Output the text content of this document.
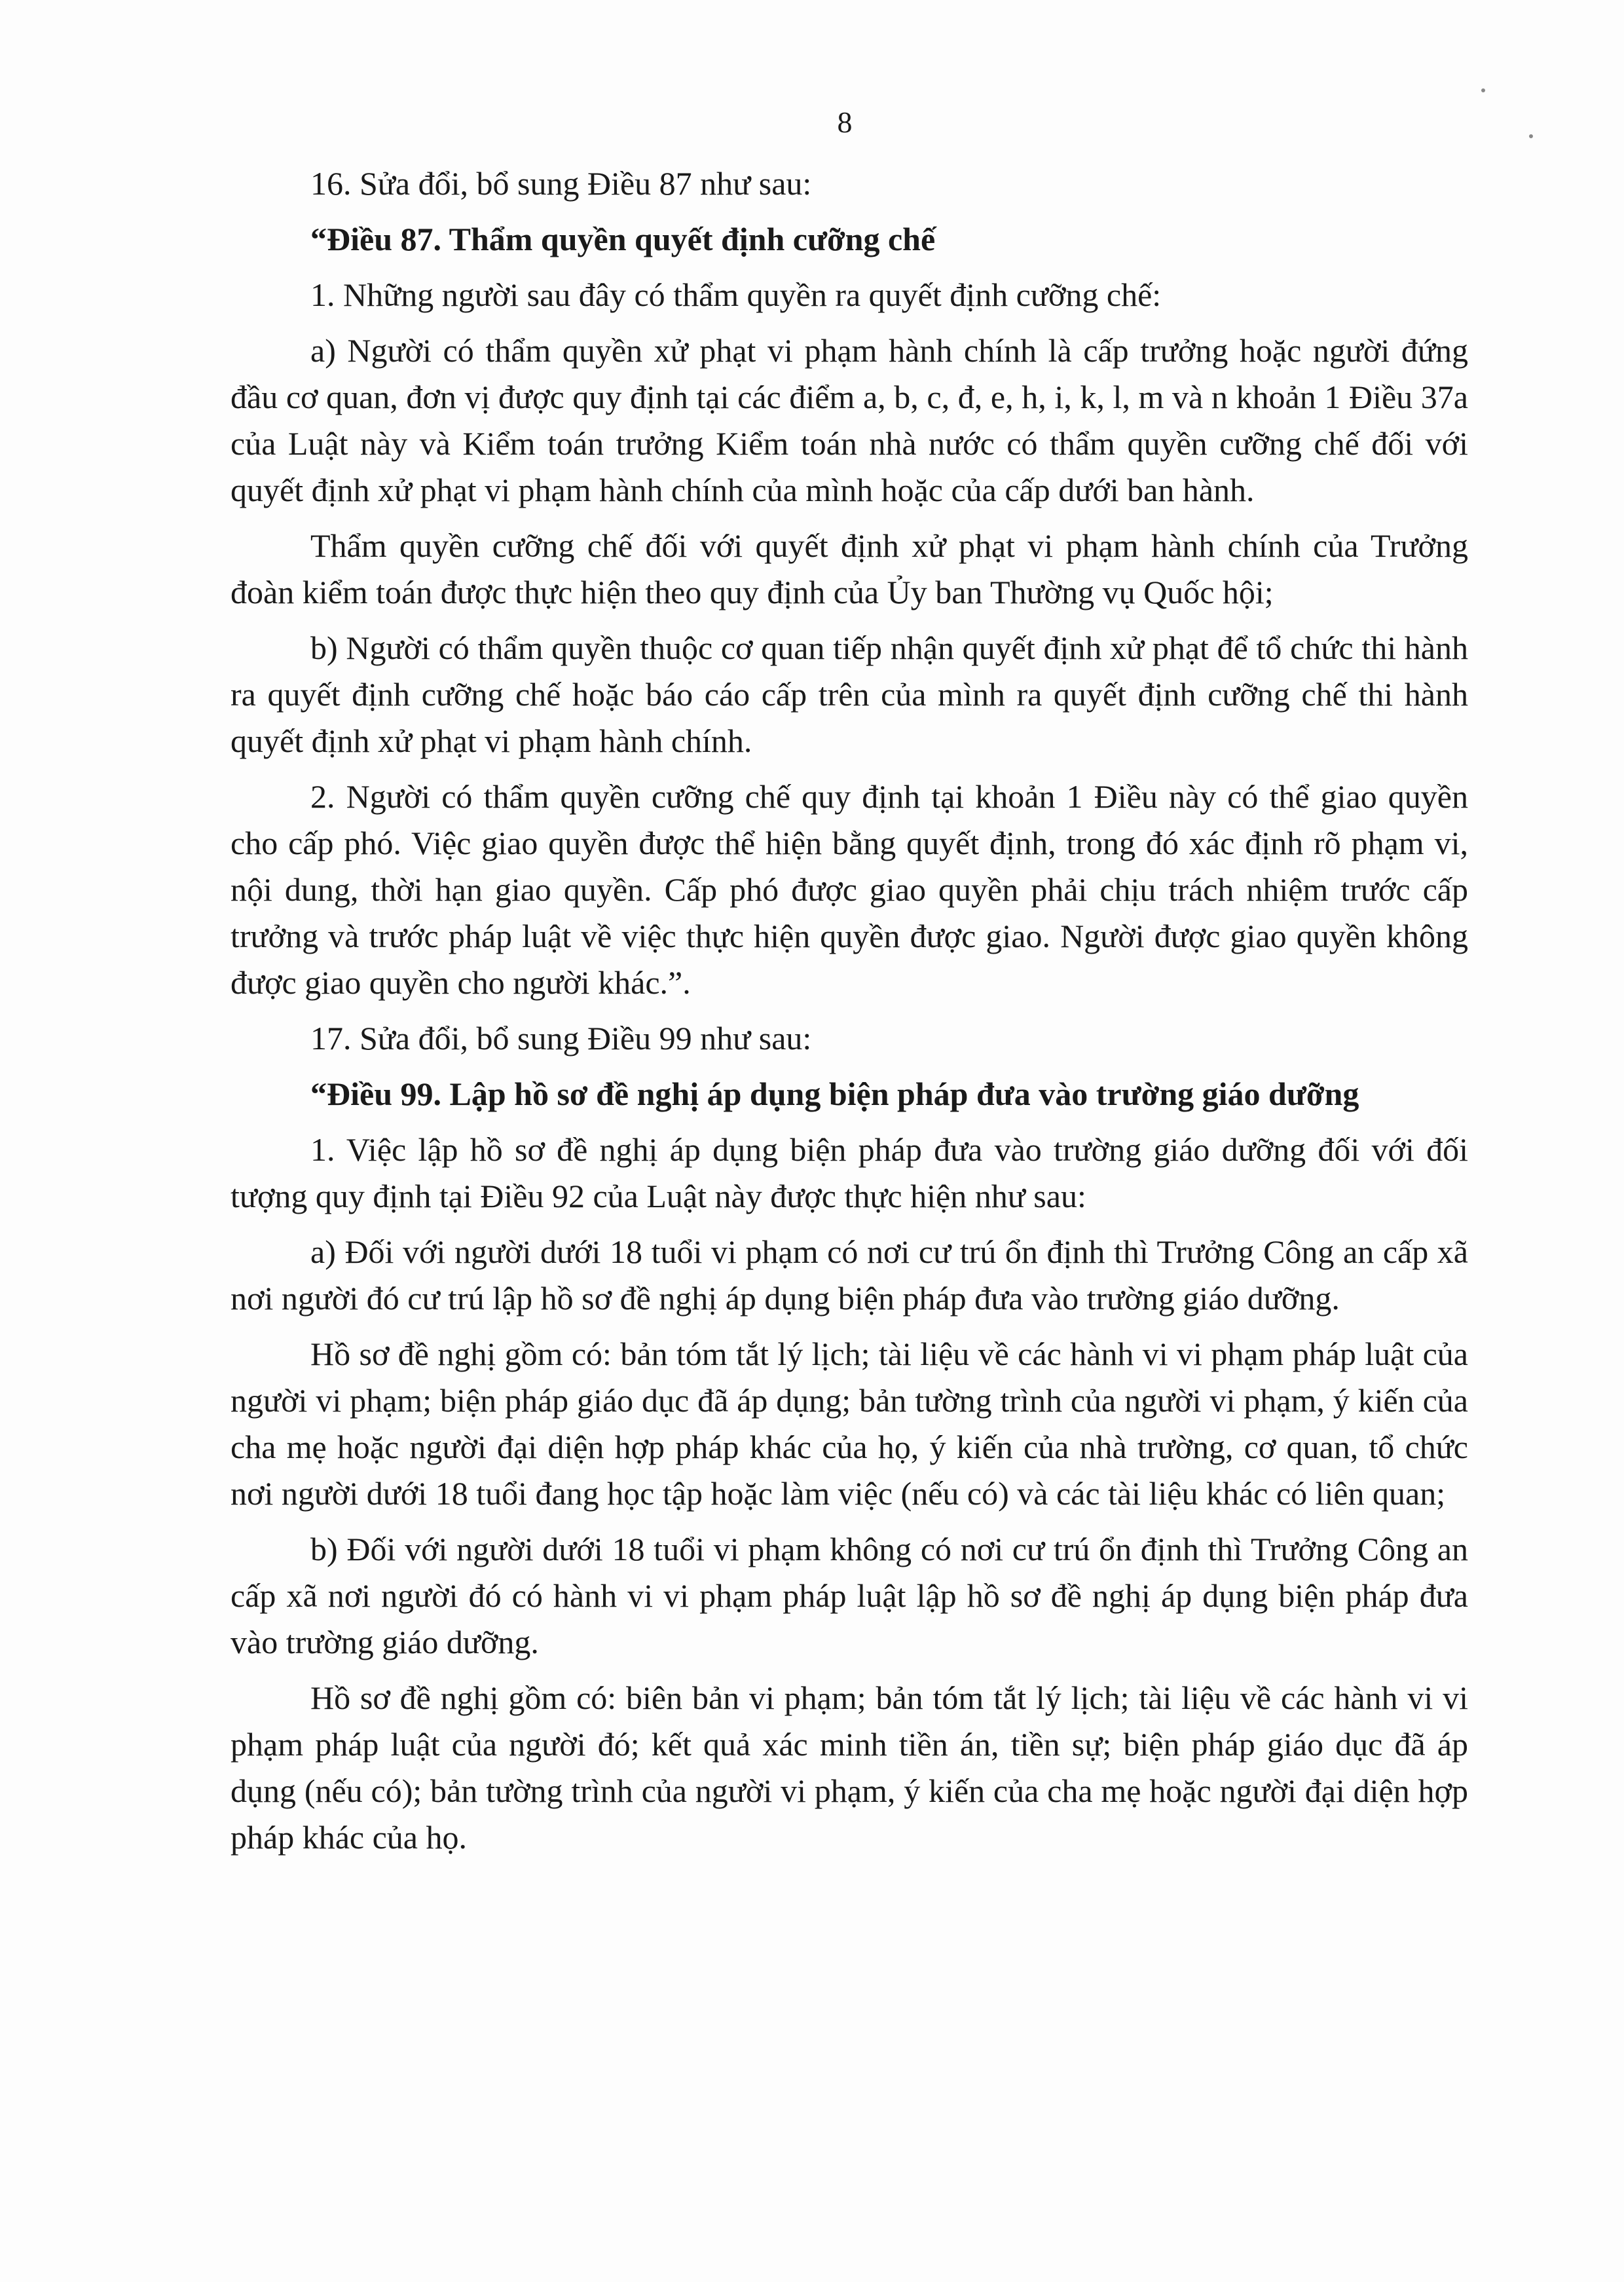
8

16. Sửa đổi, bổ sung Điều 87 như sau:

“Điều 87. Thẩm quyền quyết định cưỡng chế

1. Những người sau đây có thẩm quyền ra quyết định cưỡng chế:

a) Người có thẩm quyền xử phạt vi phạm hành chính là cấp trưởng hoặc người đứng đầu cơ quan, đơn vị được quy định tại các điểm a, b, c, đ, e, h, i, k, l, m và n khoản 1 Điều 37a của Luật này và Kiểm toán trưởng Kiểm toán nhà nước có thẩm quyền cưỡng chế đối với quyết định xử phạt vi phạm hành chính của mình hoặc của cấp dưới ban hành.

Thẩm quyền cưỡng chế đối với quyết định xử phạt vi phạm hành chính của Trưởng đoàn kiểm toán được thực hiện theo quy định của Ủy ban Thường vụ Quốc hội;

b) Người có thẩm quyền thuộc cơ quan tiếp nhận quyết định xử phạt để tổ chức thi hành ra quyết định cưỡng chế hoặc báo cáo cấp trên của mình ra quyết định cưỡng chế thi hành quyết định xử phạt vi phạm hành chính.

2. Người có thẩm quyền cưỡng chế quy định tại khoản 1 Điều này có thể giao quyền cho cấp phó. Việc giao quyền được thể hiện bằng quyết định, trong đó xác định rõ phạm vi, nội dung, thời hạn giao quyền. Cấp phó được giao quyền phải chịu trách nhiệm trước cấp trưởng và trước pháp luật về việc thực hiện quyền được giao. Người được giao quyền không được giao quyền cho người khác.”.

17. Sửa đổi, bổ sung Điều 99 như sau:

“Điều 99. Lập hồ sơ đề nghị áp dụng biện pháp đưa vào trường giáo dưỡng

1. Việc lập hồ sơ đề nghị áp dụng biện pháp đưa vào trường giáo dưỡng đối với đối tượng quy định tại Điều 92 của Luật này được thực hiện như sau:

a) Đối với người dưới 18 tuổi vi phạm có nơi cư trú ổn định thì Trưởng Công an cấp xã nơi người đó cư trú lập hồ sơ đề nghị áp dụng biện pháp đưa vào trường giáo dưỡng.

Hồ sơ đề nghị gồm có: bản tóm tắt lý lịch; tài liệu về các hành vi vi phạm pháp luật của người vi phạm; biện pháp giáo dục đã áp dụng; bản tường trình của người vi phạm, ý kiến của cha mẹ hoặc người đại diện hợp pháp khác của họ, ý kiến của nhà trường, cơ quan, tổ chức nơi người dưới 18 tuổi đang học tập hoặc làm việc (nếu có) và các tài liệu khác có liên quan;

b) Đối với người dưới 18 tuổi vi phạm không có nơi cư trú ổn định thì Trưởng Công an cấp xã nơi người đó có hành vi vi phạm pháp luật lập hồ sơ đề nghị áp dụng biện pháp đưa vào trường giáo dưỡng.

Hồ sơ đề nghị gồm có: biên bản vi phạm; bản tóm tắt lý lịch; tài liệu về các hành vi vi phạm pháp luật của người đó; kết quả xác minh tiền án, tiền sự; biện pháp giáo dục đã áp dụng (nếu có); bản tường trình của người vi phạm, ý kiến của cha mẹ hoặc người đại diện hợp pháp khác của họ.
